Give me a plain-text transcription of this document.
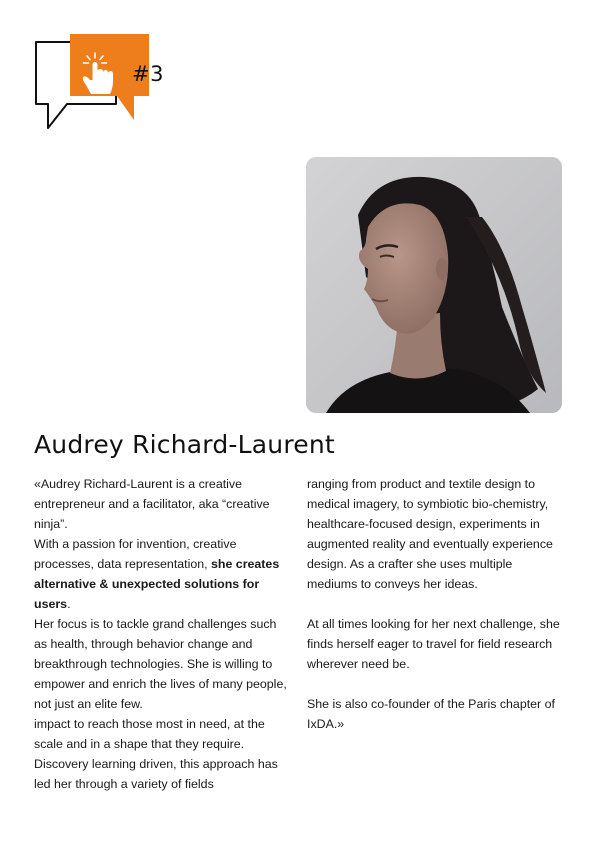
#3
Audrey Richard-Laurent

«Audrey Richard-Laurent is a creative entrepreneur and a facilitator, aka “creative ninja”.

With a passion for invention, creative processes, data representation, she creates alternative & unexpected solutions for users.

Her focus is to tackle grand challenges such as health, through behavior change and breakthrough technologies. She is willing to empower and enrich the lives of many people, not just an elite few.

impact to reach those most in need, at the scale and in a shape that they require.

Discovery learning driven, this approach has led her through a variety of fields

ranging from product and textile design to medical imagery, to symbiotic bio-chemistry, healthcare-focused design, experiments in augmented reality and eventually experience design. As a crafter she uses multiple mediums to conveys her ideas.

At all times looking for her next challenge, she finds herself eager to travel for field research wherever need be.

She is also co-founder of the Paris chapter of IxDA.»
